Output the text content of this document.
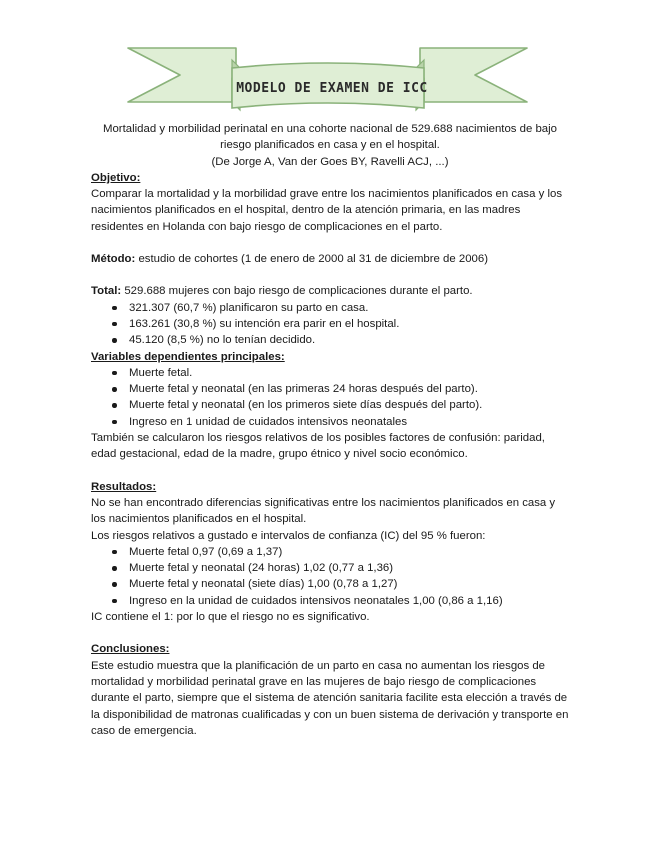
MODELO DE EXAMEN DE ICC

Mortalidad y morbilidad perinatal en una cohorte nacional de 529.688 nacimientos de bajo

riesgo planificados en casa y en el hospital.

(De Jorge A, Van der Goes BY, Ravelli ACJ, ...)

Objetivo:

Comparar la mortalidad y la morbilidad grave entre los nacimientos planificados en casa y los nacimientos planificados en el hospital, dentro de la atención primaria, en las madres residentes en Holanda con bajo riesgo de complicaciones en el parto.

Método: estudio de cohortes (1 de enero de 2000 al 31 de diciembre de 2006)

Total: 529.688 mujeres con bajo riesgo de complicaciones durante el parto.

321.307 (60,7 %) planificaron su parto en casa.
163.261 (30,8 %) su intención era parir en el hospital.
45.120 (8,5 %) no lo tenían decidido.

Variables dependientes principales:

Muerte fetal.
Muerte fetal y neonatal (en las primeras 24 horas después del parto).
Muerte fetal y neonatal (en los primeros siete días después del parto).
Ingreso en 1 unidad de cuidados intensivos neonatales

También se calcularon los riesgos relativos de los posibles factores de confusión: paridad, edad gestacional, edad de la madre, grupo étnico y nivel socio económico.

Resultados:

No se han encontrado diferencias significativas entre los nacimientos planificados en casa y los nacimientos planificados en el hospital.

Los riesgos relativos a gustado e intervalos de confianza (IC) del 95 % fueron:

Muerte fetal 0,97 (0,69 a 1,37)
Muerte fetal y neonatal (24 horas) 1,02 (0,77 a 1,36)
Muerte fetal y neonatal (siete días) 1,00 (0,78 a 1,27)
Ingreso en la unidad de cuidados intensivos neonatales 1,00 (0,86 a 1,16)

IC contiene el 1: por lo que el riesgo no es significativo.

Conclusiones:

Este estudio muestra que la planificación de un parto en casa no aumentan los riesgos de mortalidad y morbilidad perinatal grave en las mujeres de bajo riesgo de complicaciones durante el parto, siempre que el sistema de atención sanitaria facilite esta elección a través de la disponibilidad de matronas cualificadas y con un buen sistema de derivación y transporte en caso de emergencia.
